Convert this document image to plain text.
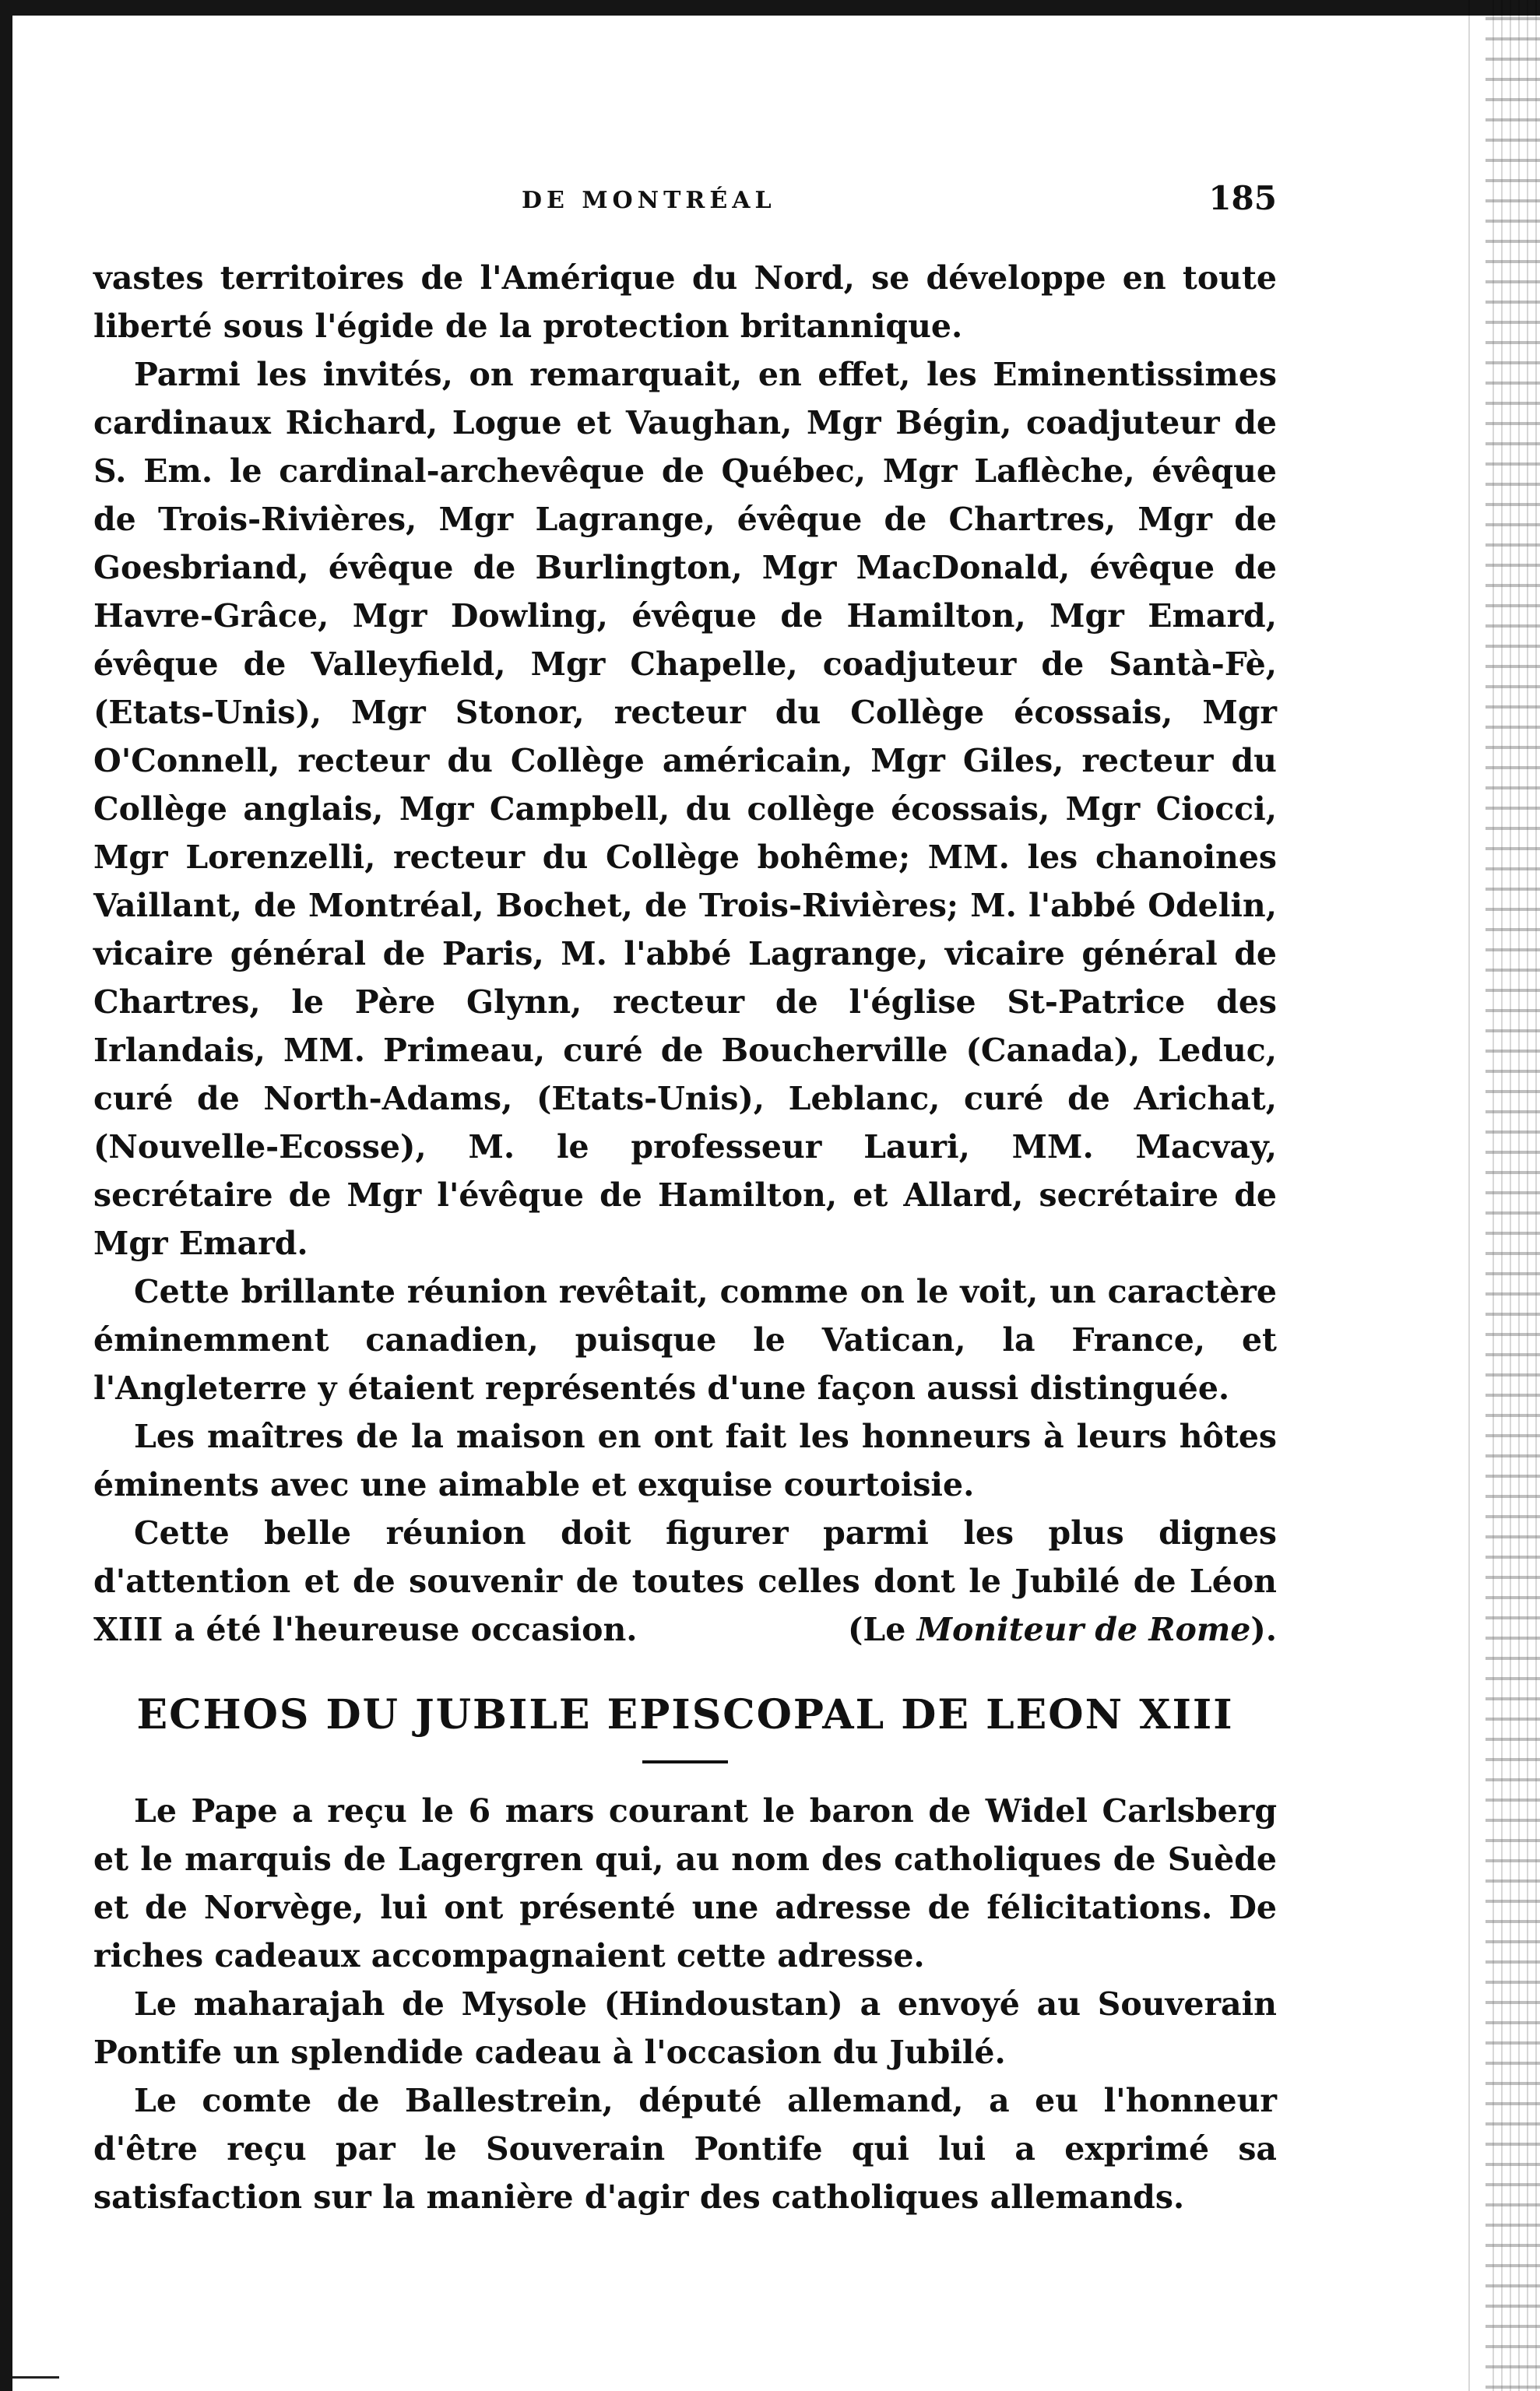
DE MONTRÉAL	185

vastes territoires de l'Amérique du Nord, se développe en toute liberté sous l'égide de la protection britannique.

Parmi les invités, on remarquait, en effet, les Eminentissimes cardinaux Richard, Logue et Vaughan, Mgr Bégin, coadjuteur de S. Em. le cardinal-archevêque de Québec, Mgr Laflèche, évêque de Trois-Rivières, Mgr Lagrange, évêque de Chartres, Mgr de Goesbriand, évêque de Burlington, Mgr MacDonald, évêque de Havre-Grâce, Mgr Dowling, évêque de Hamilton, Mgr Emard, évêque de Valleyfield, Mgr Chapelle, coadjuteur de Santà-Fè, (Etats-Unis), Mgr Stonor, recteur du Collège écossais, Mgr O'Connell, recteur du Collège américain, Mgr Giles, recteur du Collège anglais, Mgr Campbell, du collège écossais, Mgr Ciocci, Mgr Lorenzelli, recteur du Collège bohême; MM. les chanoines Vaillant, de Montréal, Bochet, de Trois-Rivières; M. l'abbé Odelin, vicaire général de Paris, M. l'abbé Lagrange, vicaire général de Chartres, le Père Glynn, recteur de l'église St-Patrice des Irlandais, MM. Primeau, curé de Boucherville (Canada), Leduc, curé de North-Adams, (Etats-Unis), Leblanc, curé de Arichat, (Nouvelle-Ecosse), M. le professeur Lauri, MM. Macvay, secrétaire de Mgr l'évêque de Hamilton, et Allard, secrétaire de Mgr Emard.

Cette brillante réunion revêtait, comme on le voit, un caractère éminemment canadien, puisque le Vatican, la France, et l'Angleterre y étaient représentés d'une façon aussi distinguée.

Les maîtres de la maison en ont fait les honneurs à leurs hôtes éminents avec une aimable et exquise courtoisie.

Cette belle réunion doit figurer parmi les plus dignes d'attention et de souvenir de toutes celles dont le Jubilé de Léon XIII a été l'heureuse occasion.	(Le Moniteur de Rome).

ECHOS DU JUBILE EPISCOPAL DE LEON XIII

Le Pape a reçu le 6 mars courant le baron de Widel Carlsberg et le marquis de Lagergren qui, au nom des catholiques de Suède et de Norvège, lui ont présenté une adresse de félicitations. De riches cadeaux accompagnaient cette adresse.

Le maharajah de Mysole (Hindoustan) a envoyé au Souverain Pontife un splendide cadeau à l'occasion du Jubilé.

Le comte de Ballestrein, député allemand, a eu l'honneur d'être reçu par le Souverain Pontife qui lui a exprimé sa satisfaction sur la manière d'agir des catholiques allemands.
